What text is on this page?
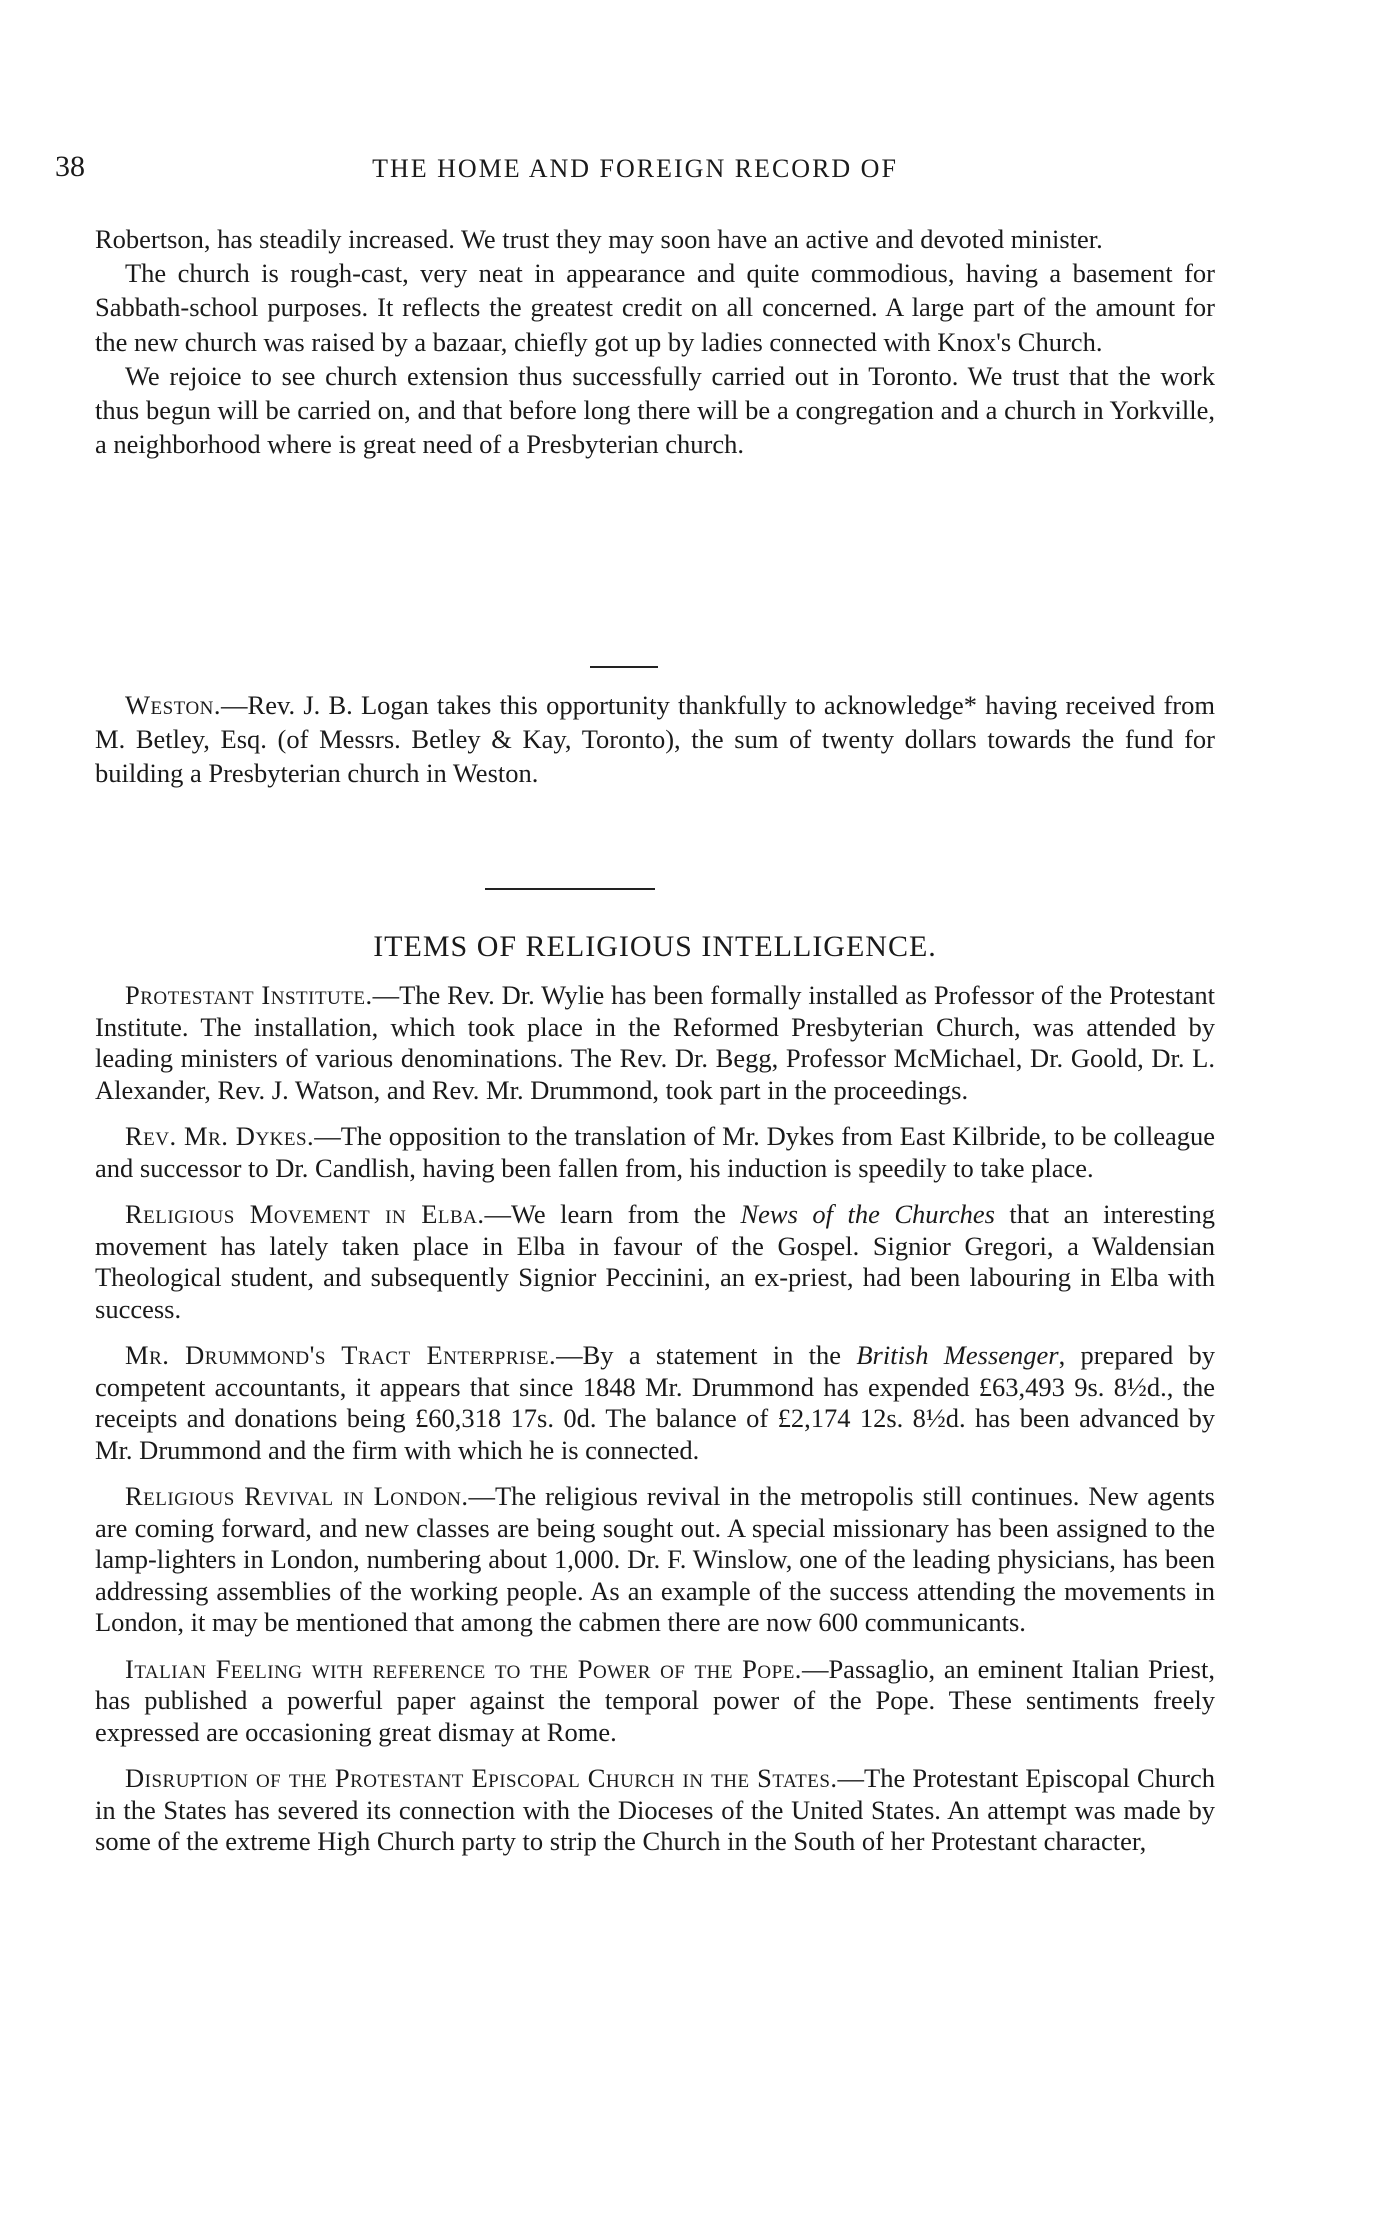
38	THE HOME AND FOREIGN RECORD OF

Robertson, has steadily increased. We trust they may soon have an active and devoted minister.

The church is rough-cast, very neat in appearance and quite commodious, having a basement for Sabbath-school purposes. It reflects the greatest credit on all concerned. A large part of the amount for the new church was raised by a bazaar, chiefly got up by ladies connected with Knox's Church.

We rejoice to see church extension thus successfully carried out in Toronto. We trust that the work thus begun will be carried on, and that before long there will be a congregation and a church in Yorkville, a neighborhood where is great need of a Presbyterian church.

Weston.—Rev. J. B. Logan takes this opportunity thankfully to acknowledge* having received from M. Betley, Esq. (of Messrs. Betley & Kay, Toronto), the sum of twenty dollars towards the fund for building a Presbyterian church in Weston.

ITEMS OF RELIGIOUS INTELLIGENCE.

Protestant Institute.—The Rev. Dr. Wylie has been formally installed as Professor of the Protestant Institute. The installation, which took place in the Reformed Presbyterian Church, was attended by leading ministers of various denominations. The Rev. Dr. Begg, Professor McMichael, Dr. Goold, Dr. L. Alexander, Rev. J. Watson, and Rev. Mr. Drummond, took part in the proceedings.

Rev. Mr. Dykes.—The opposition to the translation of Mr. Dykes from East Kilbride, to be colleague and successor to Dr. Candlish, having been fallen from, his induction is speedily to take place.

Religious Movement in Elba.—We learn from the News of the Churches that an interesting movement has lately taken place in Elba in favour of the Gospel. Signior Gregori, a Waldensian Theological student, and subsequently Signior Peccinini, an ex-priest, had been labouring in Elba with success.

Mr. Drummond's Tract Enterprise.—By a statement in the British Messenger, prepared by competent accountants, it appears that since 1848 Mr. Drummond has expended £63,493 9s. 8½d., the receipts and donations being £60,318 17s. 0d. The balance of £2,174 12s. 8½d. has been advanced by Mr. Drummond and the firm with which he is connected.

Religious Revival in London.—The religious revival in the metropolis still continues. New agents are coming forward, and new classes are being sought out. A special missionary has been assigned to the lamp-lighters in London, numbering about 1,000. Dr. F. Winslow, one of the leading physicians, has been addressing assemblies of the working people. As an example of the success attending the movements in London, it may be mentioned that among the cabmen there are now 600 communicants.

Italian Feeling with reference to the Power of the Pope.—Passaglio, an eminent Italian Priest, has published a powerful paper against the temporal power of the Pope. These sentiments freely expressed are occasioning great dismay at Rome.

Disruption of the Protestant Episcopal Church in the States.—The Protestant Episcopal Church in the States has severed its connection with the Dioceses of the United States. An attempt was made by some of the extreme High Church party to strip the Church in the South of her Protestant character,
